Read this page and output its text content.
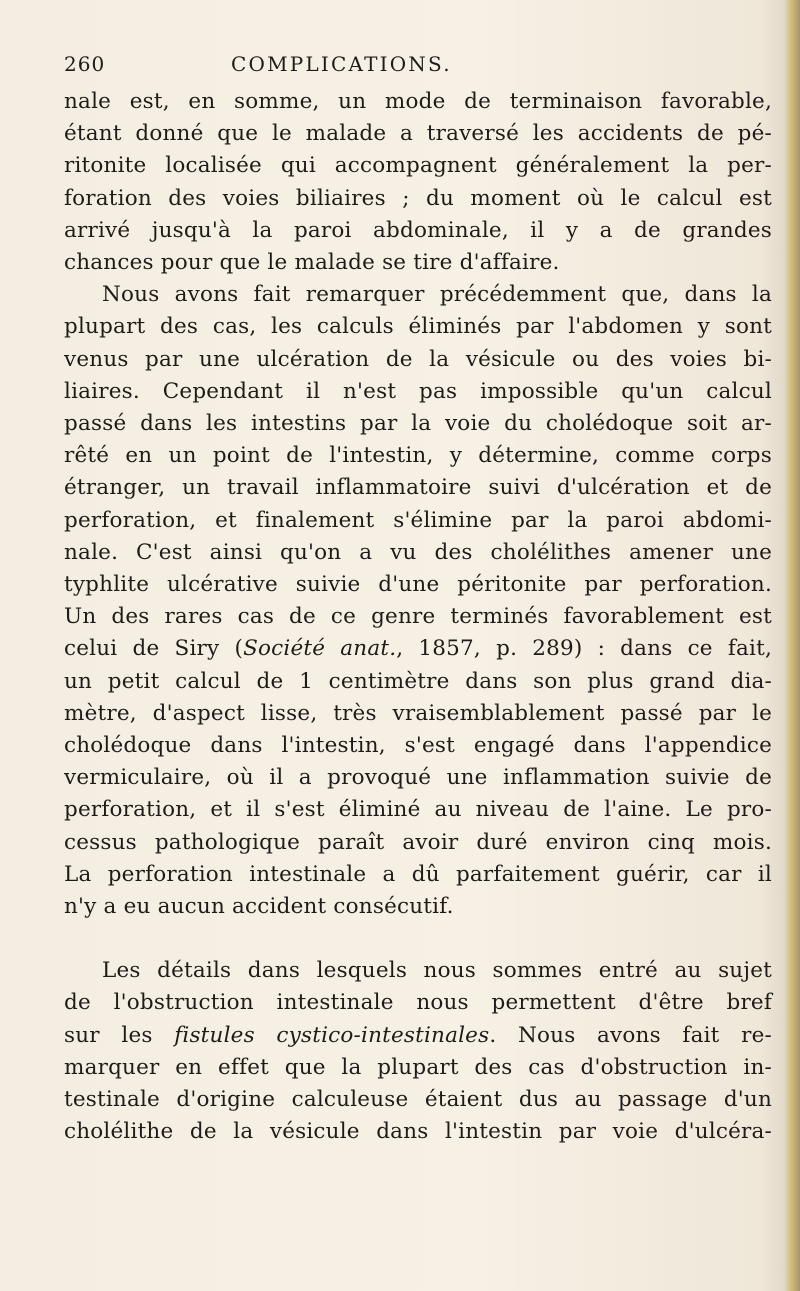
260	COMPLICATIONS.
nale est, en somme, un mode de terminaison favorable,
étant donné que le malade a traversé les accidents de pé-
ritonite localisée qui accompagnent généralement la per-
foration des voies biliaires ; du moment où le calcul est
arrivé jusqu'à la paroi abdominale, il y a de grandes
chances pour que le malade se tire d'affaire.
Nous avons fait remarquer précédemment que, dans la
plupart des cas, les calculs éliminés par l'abdomen y sont
venus par une ulcération de la vésicule ou des voies bi-
liaires. Cependant il n'est pas impossible qu'un calcul
passé dans les intestins par la voie du cholédoque soit ar-
rêté en un point de l'intestin, y détermine, comme corps
étranger, un travail inflammatoire suivi d'ulcération et de
perforation, et finalement s'élimine par la paroi abdomi-
nale. C'est ainsi qu'on a vu des cholélithes amener une
typhlite ulcérative suivie d'une péritonite par perforation.
Un des rares cas de ce genre terminés favorablement est
celui de Siry (Société anat., 1857, p. 289) : dans ce fait,
un petit calcul de 1 centimètre dans son plus grand dia-
mètre, d'aspect lisse, très vraisemblablement passé par le
cholédoque dans l'intestin, s'est engagé dans l'appendice
vermiculaire, où il a provoqué une inflammation suivie de
perforation, et il s'est éliminé au niveau de l'aine. Le pro-
cessus pathologique paraît avoir duré environ cinq mois.
La perforation intestinale a dû parfaitement guérir, car il
n'y a eu aucun accident consécutif.
Les détails dans lesquels nous sommes entré au sujet
de l'obstruction intestinale nous permettent d'être bref
sur les fistules cystico-intestinales. Nous avons fait re-
marquer en effet que la plupart des cas d'obstruction in-
testinale d'origine calculeuse étaient dus au passage d'un
cholélithe de la vésicule dans l'intestin par voie d'ulcéra-
